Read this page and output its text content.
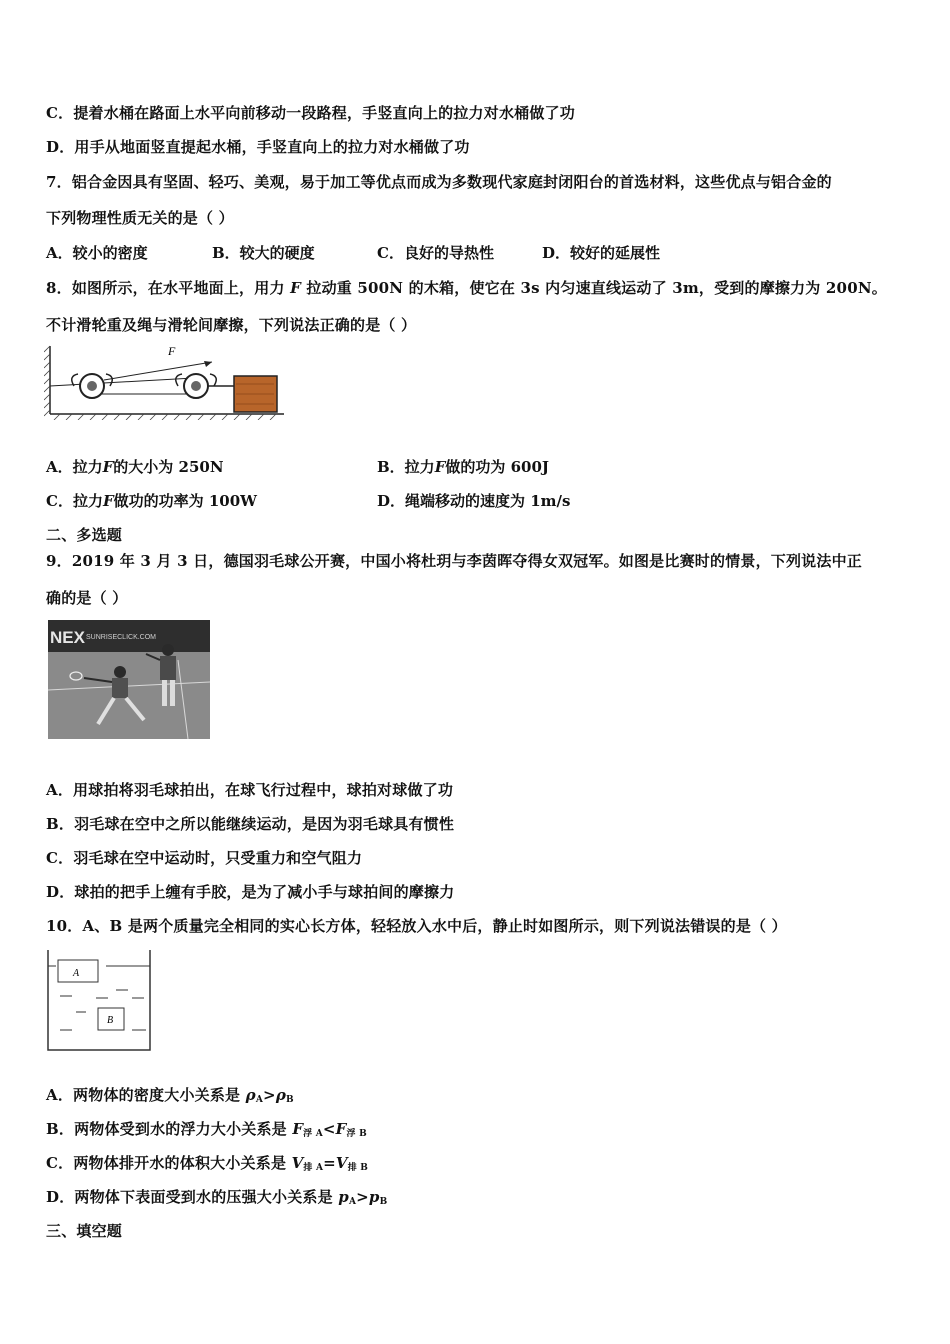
C．提着水桶在路面上水平向前移动一段路程，手竖直向上的拉力对水桶做了功
D．用手从地面竖直提起水桶，手竖直向上的拉力对水桶做了功
7．铝合金因具有坚固、轻巧、美观，易于加工等优点而成为多数现代家庭封闭阳台的首选材料，这些优点与铝合金的
下列物理性质无关的是（ ）
A．较小的密度	B．较大的硬度	C．良好的导热性	D．较好的延展性
8．如图所示，在水平地面上，用力 F 拉动重 500N 的木箱，使它在 3s 内匀速直线运动了 3m，受到的摩擦力为 200N。
不计滑轮重及绳与滑轮间摩擦，下列说法正确的是（ ）
F
A．拉力F的大小为 250N	B．拉力F做的功为 600J
C．拉力F做功的功率为 100W	D．绳端移动的速度为 1m/s
二、多选题
9．2019 年 3 月 3 日，德国羽毛球公开赛，中国小将杜玥与李茵晖夺得女双冠军。如图是比赛时的情景，下列说法中正
确的是（ ）
NEX SUNRISECLICK.COM
A．用球拍将羽毛球拍出，在球飞行过程中，球拍对球做了功
B．羽毛球在空中之所以能继续运动，是因为羽毛球具有惯性
C．羽毛球在空中运动时，只受重力和空气阻力
D．球拍的把手上缠有手胶，是为了减小手与球拍间的摩擦力
10．A、B 是两个质量完全相同的实心长方体，轻轻放入水中后，静止时如图所示，则下列说法错误的是（ ）
A
B
A．两物体的密度大小关系是 $\rho_A>\rho_B$
B．两物体受到水的浮力大小关系是 $F_{浮 A}<F_{浮 B}$
C．两物体排开水的体积大小关系是 $V_{排 A}=V_{排 B}$
D．两物体下表面受到水的压强大小关系是 $p_A>p_B$
三、填空题
